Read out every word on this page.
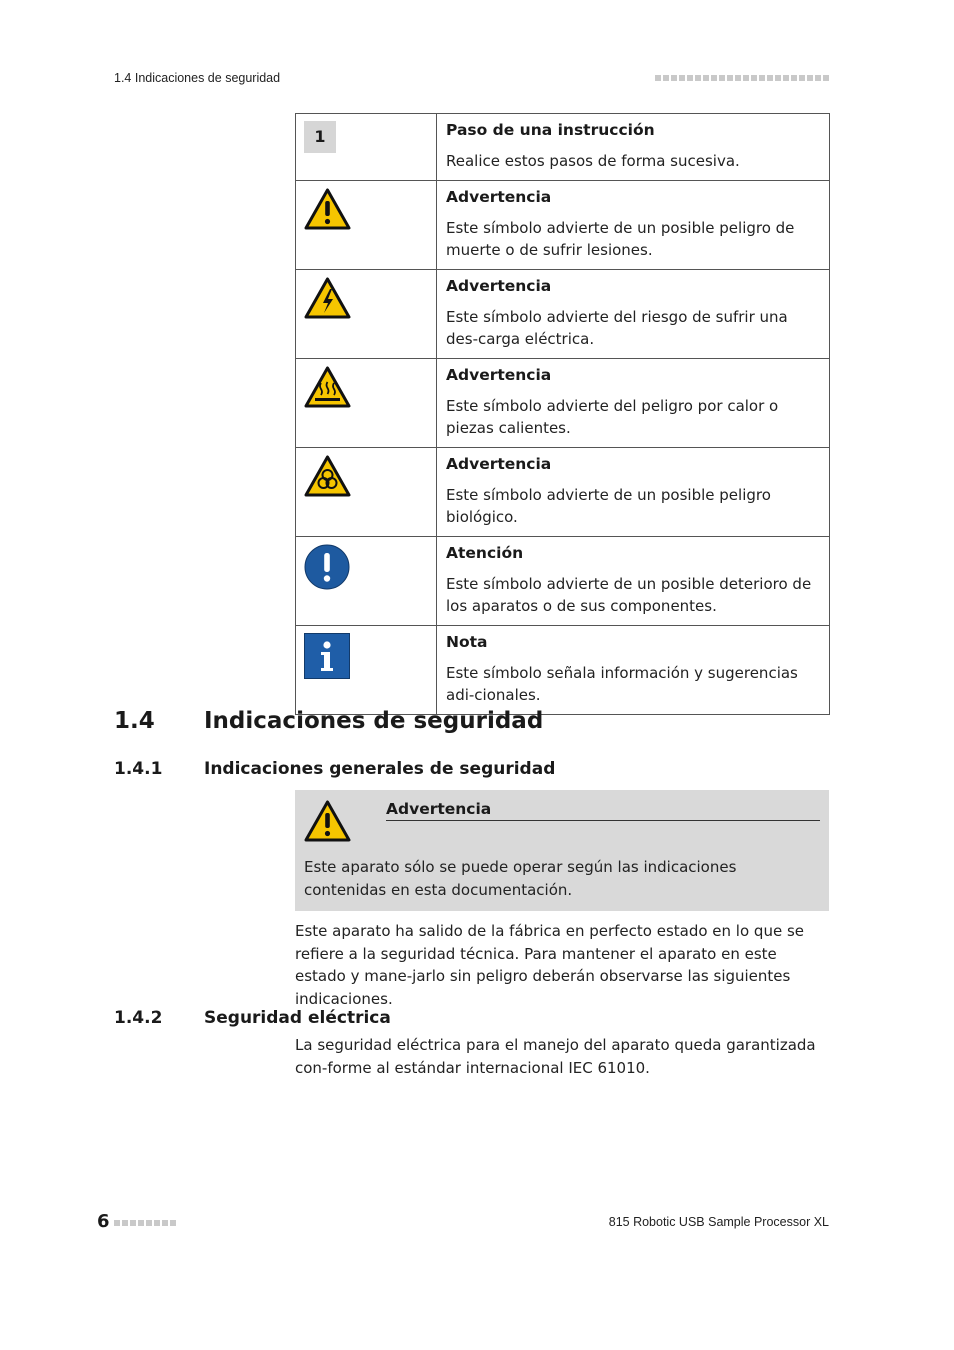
1.4 Indicaciones de seguridad
1	Paso de una instrucción
Realice estos pasos de forma sucesiva.

Advertencia
Este símbolo advierte de un posible peligro de muerte o de sufrir lesiones.

Advertencia
Este símbolo advierte del riesgo de sufrir una des-carga eléctrica.

Advertencia
Este símbolo advierte del peligro por calor o piezas calientes.

Advertencia
Este símbolo advierte de un posible peligro biológico.

Atención
Este símbolo advierte de un posible deterioro de los aparatos o de sus componentes.

Nota
Este símbolo señala información y sugerencias adi-cionales.
1.4 Indicaciones de seguridad
1.4.1 Indicaciones generales de seguridad
Advertencia
Este aparato sólo se puede operar según las indicaciones contenidas en esta documentación.

Este aparato ha salido de la fábrica en perfecto estado en lo que se refiere a la seguridad técnica. Para mantener el aparato en este estado y mane-jarlo sin peligro deberán observarse las siguientes indicaciones.

1.4.2 Seguridad eléctrica

La seguridad eléctrica para el manejo del aparato queda garantizada con-forme al estándar internacional IEC 61010.

6	815 Robotic USB Sample Processor XL
